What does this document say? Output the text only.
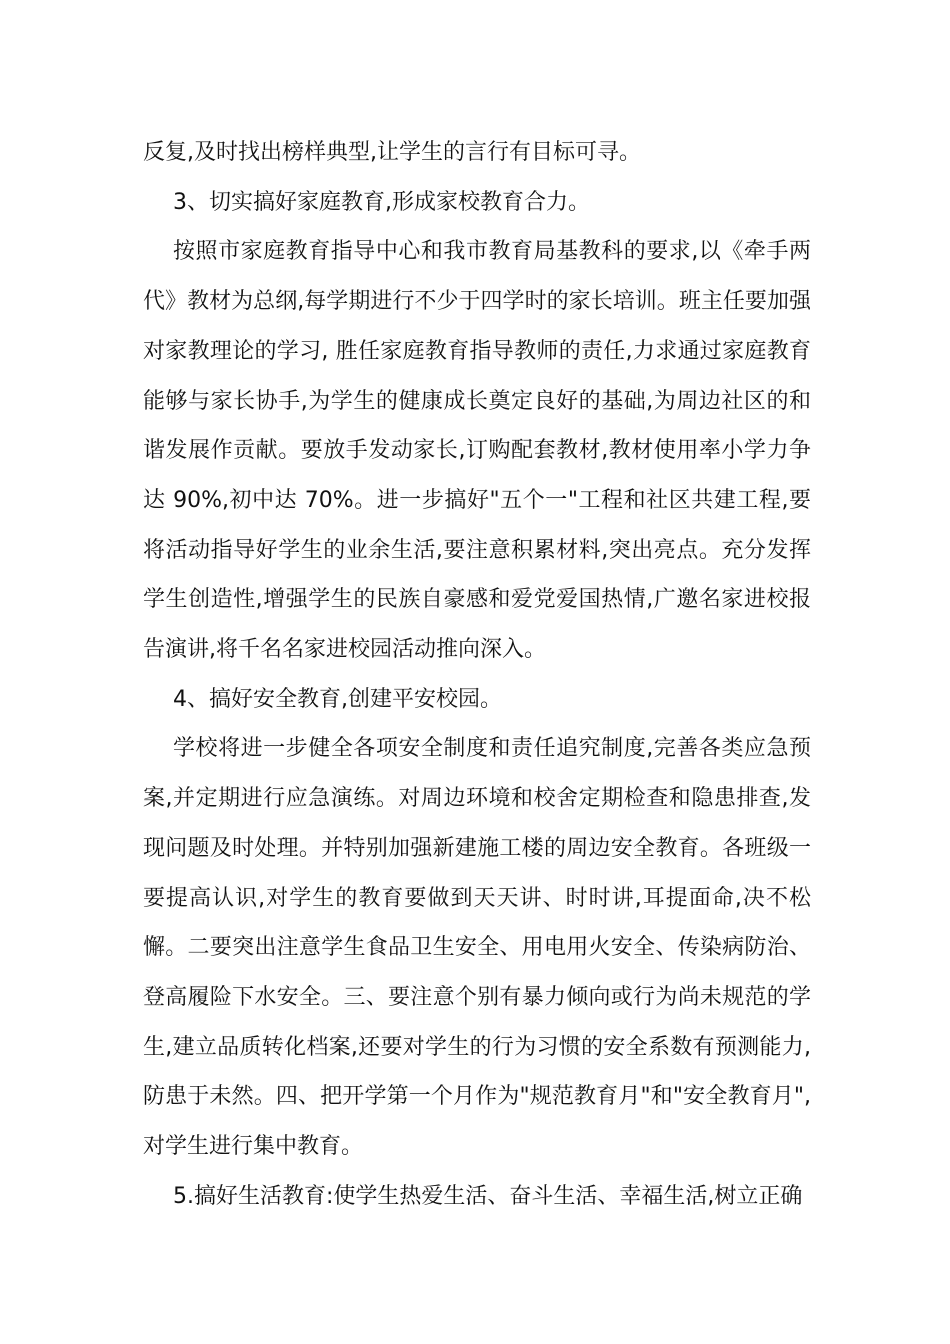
反复,及时找出榜样典型,让学生的言行有目标可寻。

3、切实搞好家庭教育,形成家校教育合力。

按照市家庭教育指导中心和我市教育局基教科的要求,以《牵手两代》教材为总纲,每学期进行不少于四学时的家长培训。班主任要加强对家教理论的学习, 胜任家庭教育指导教师的责任,力求通过家庭教育能够与家长协手,为学生的健康成长奠定良好的基础,为周边社区的和谐发展作贡献。要放手发动家长,订购配套教材,教材使用率小学力争达 90%,初中达 70%。进一步搞好"五个一"工程和社区共建工程,要将活动指导好学生的业余生活,要注意积累材料,突出亮点。充分发挥学生创造性,增强学生的民族自豪感和爱党爱国热情,广邀名家进校报告演讲,将千名名家进校园活动推向深入。

4、搞好安全教育,创建平安校园。

学校将进一步健全各项安全制度和责任追究制度,完善各类应急预案,并定期进行应急演练。对周边环境和校舍定期检查和隐患排查,发现问题及时处理。并特别加强新建施工楼的周边安全教育。各班级一要提高认识,对学生的教育要做到天天讲、时时讲,耳提面命,决不松懈。二要突出注意学生食品卫生安全、用电用火安全、传染病防治、登高履险下水安全。三、要注意个别有暴力倾向或行为尚未规范的学生,建立品质转化档案,还要对学生的行为习惯的安全系数有预测能力, 防患于未然。四、把开学第一个月作为"规范教育月"和"安全教育月",对学生进行集中教育。

5.搞好生活教育:使学生热爱生活、奋斗生活、幸福生活,树立正确
